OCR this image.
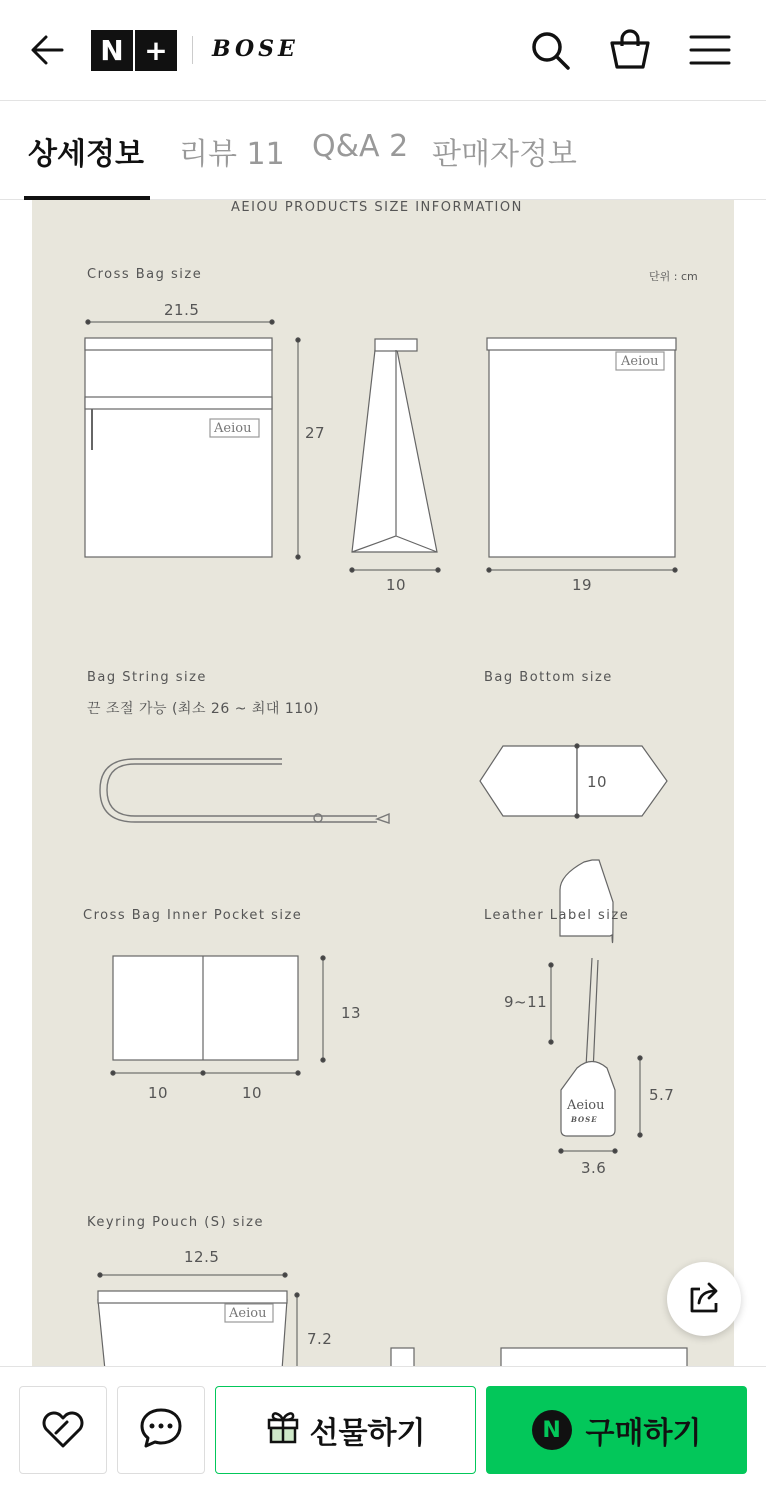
N +	BOSE
상세정보 리뷰 11 Q&A 2 판매자정보
AEIOU PRODUCTS SIZE INFORMATION
Cross Bag size	단위 : cm
21.5
27
Aeiou
Aeiou
10	19
Bag String size
끈 조절 가능 (최소 26 ~ 최대 110)
Bag Bottom size
10
Cross Bag Inner Pocket size
13
10	10
Leather Label size
9~11
5.7
3.6
Aeiou
BOSE
Keyring Pouch (S) size
12.5
7.2
Aeiou
선물하기	N 구매하기
